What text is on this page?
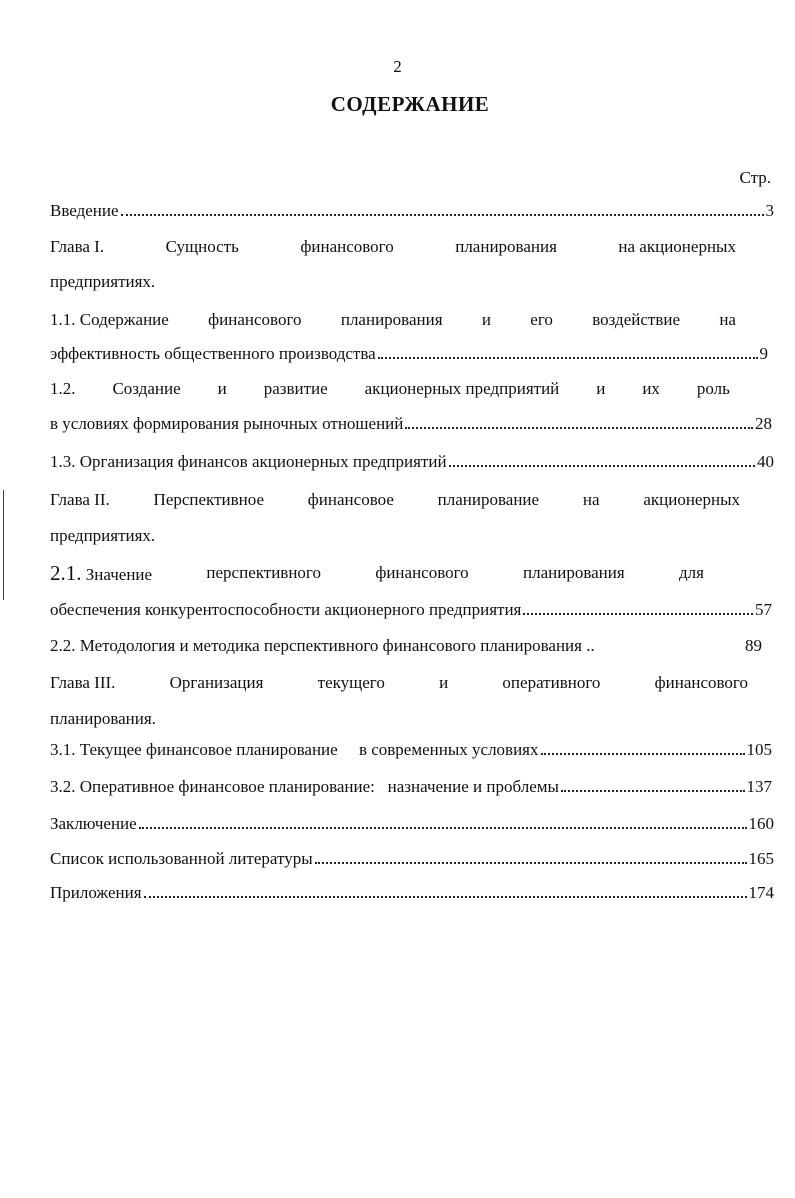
2
СОДЕРЖАНИЕ
Стр.
Введение	3
Глава I.	Сущность	финансового	планирования	на акционерных
предприятиях.
1.1. Содержание финансового планирования и его воздействие на
эффективность общественного производства	9
1.2. Создание и развитие акционерных предприятий и их роль
в условиях формирования рыночных отношений	28
1.3. Организация финансов акционерных предприятий	40
Глава II.	Перспективное	финансовое	планирование	на	акционерных
предприятиях.
2.1. Значение	перспективного	финансового	планирования	для
обеспечения конкурентоспособности акционерного предприятия	57
2.2. Методология и методика перспективного финансового планирования ..	89
Глава III.	Организация	текущего	и	оперативного	финансового
планирования.
3.1. Текущее финансовое планирование     в современных условиях	105
3.2. Оперативное финансовое планирование:   назначение и проблемы	137
Заключение	160
Список использованной литературы	165
Приложения	174
